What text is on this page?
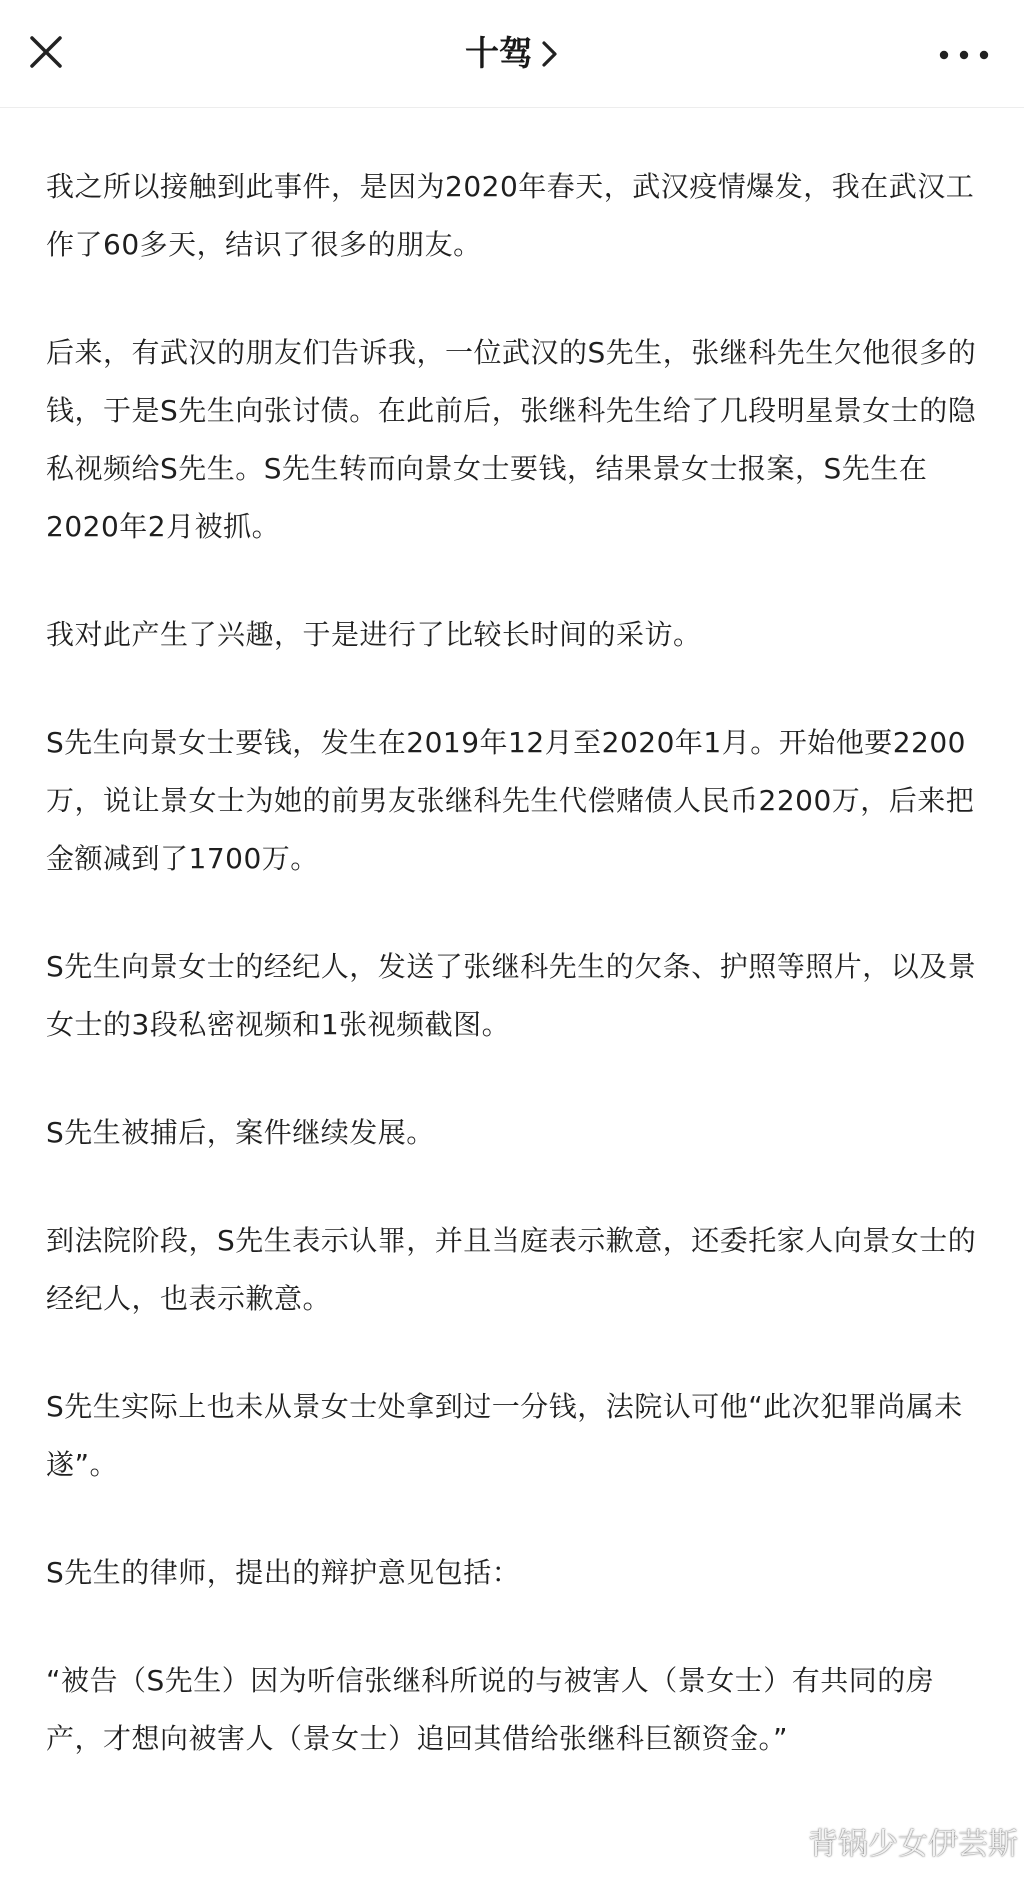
十驾

我之所以接触到此事件，是因为2020年春天，武汉疫情爆发，我在武汉工作了60多天，结识了很多的朋友。

后来，有武汉的朋友们告诉我，一位武汉的S先生，张继科先生欠他很多的钱，于是S先生向张讨债。在此前后，张继科先生给了几段明星景女士的隐私视频给S先生。S先生转而向景女士要钱，结果景女士报案，S先生在2020年2月被抓。

我对此产生了兴趣，于是进行了比较长时间的采访。

S先生向景女士要钱，发生在2019年12月至2020年1月。开始他要2200万，说让景女士为她的前男友张继科先生代偿赌债人民币2200万，后来把金额减到了1700万。

S先生向景女士的经纪人，发送了张继科先生的欠条、护照等照片，以及景女士的3段私密视频和1张视频截图。

S先生被捕后，案件继续发展。

到法院阶段，S先生表示认罪，并且当庭表示歉意，还委托家人向景女士的经纪人，也表示歉意。

S先生实际上也未从景女士处拿到过一分钱，法院认可他“此次犯罪尚属未遂”。

S先生的律师，提出的辩护意见包括：

“被告（S先生）因为听信张继科所说的与被害人（景女士）有共同的房产，才想向被害人（景女士）追回其借给张继科巨额资金。”

背锅少女伊芸斯
